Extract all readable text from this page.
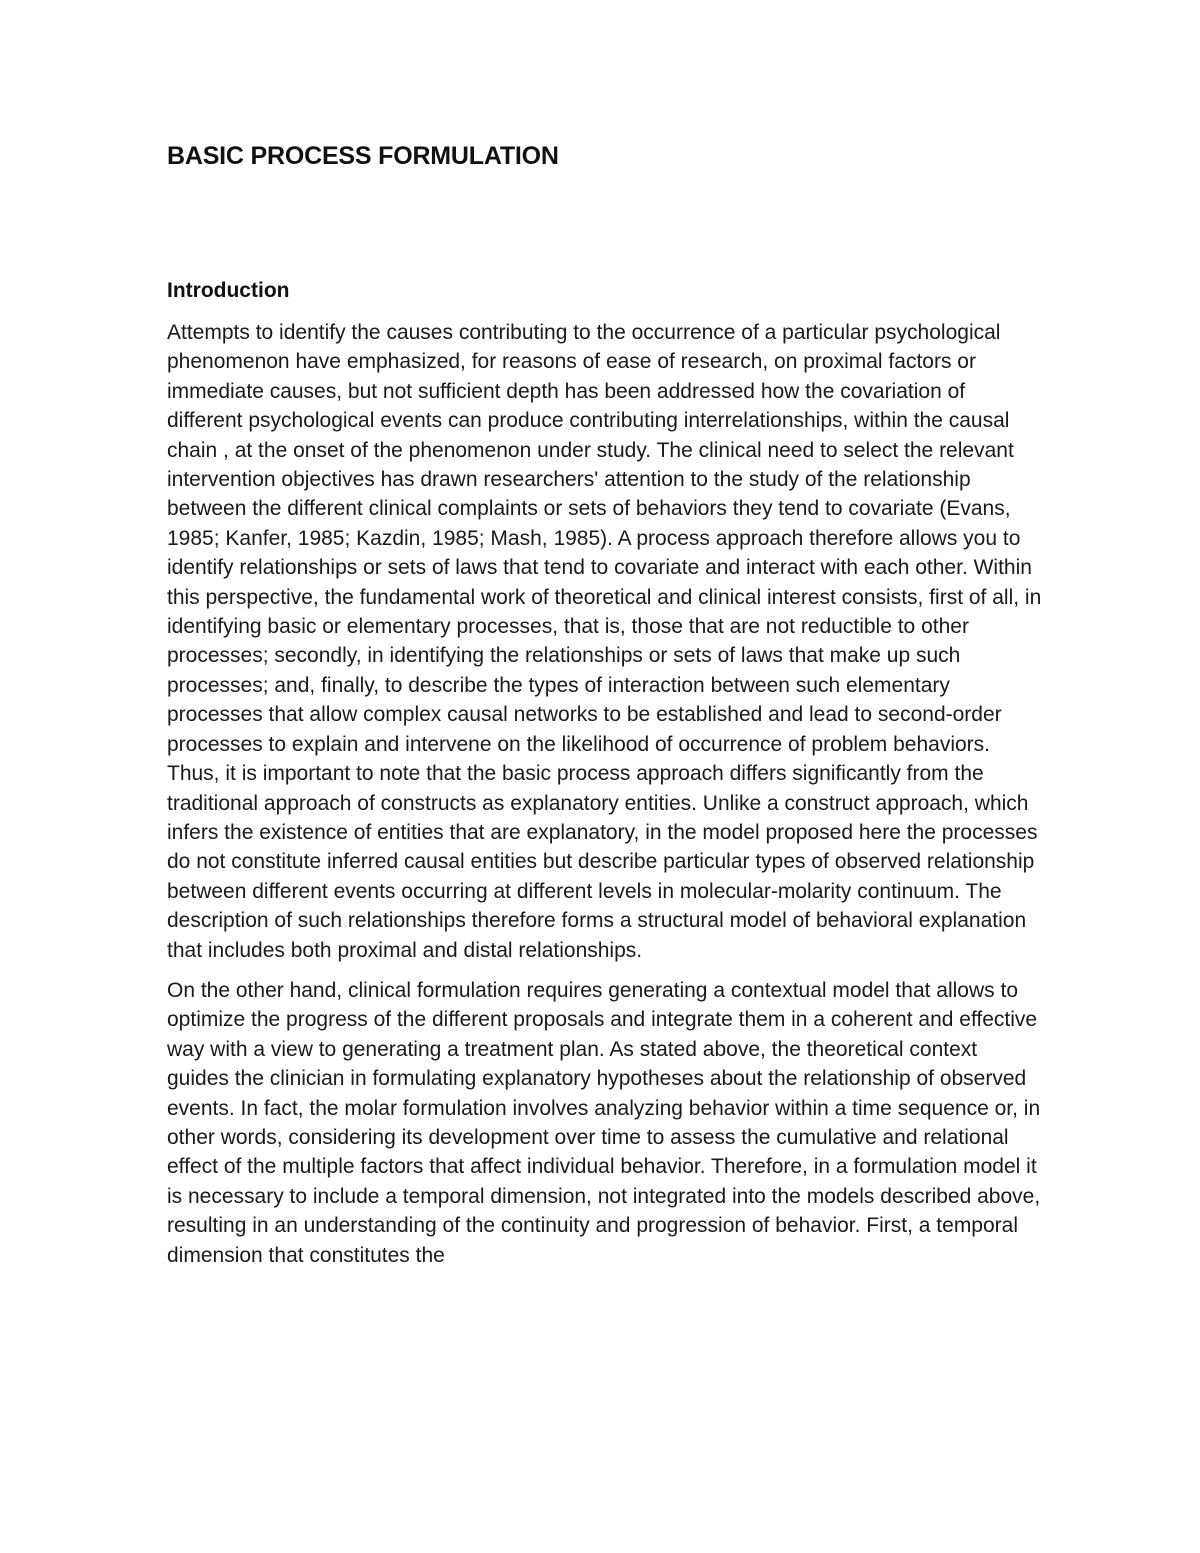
BASIC PROCESS FORMULATION
Introduction

Attempts to identify the causes contributing to the occurrence of a particular psychological phenomenon have emphasized, for reasons of ease of research, on proximal factors or immediate causes, but not sufficient depth has been addressed how the covariation of different psychological events can produce contributing interrelationships, within the causal chain , at the onset of the phenomenon under study. The clinical need to select the relevant intervention objectives has drawn researchers' attention to the study of the relationship between the different clinical complaints or sets of behaviors they tend to covariate (Evans, 1985; Kanfer, 1985; Kazdin, 1985; Mash, 1985). A process approach therefore allows you to identify relationships or sets of laws that tend to covariate and interact with each other. Within this perspective, the fundamental work of theoretical and clinical interest consists, first of all, in identifying basic or elementary processes, that is, those that are not reductible to other processes; secondly, in identifying the relationships or sets of laws that make up such processes; and, finally, to describe the types of interaction between such elementary processes that allow complex causal networks to be established and lead to second-order processes to explain and intervene on the likelihood of occurrence of problem behaviors. Thus, it is important to note that the basic process approach differs significantly from the traditional approach of constructs as explanatory entities. Unlike a construct approach, which infers the existence of entities that are explanatory, in the model proposed here the processes do not constitute inferred causal entities but describe particular types of observed relationship between different events occurring at different levels in molecular-molarity continuum. The description of such relationships therefore forms a structural model of behavioral explanation that includes both proximal and distal relationships.

On the other hand, clinical formulation requires generating a contextual model that allows to optimize the progress of the different proposals and integrate them in a coherent and effective way with a view to generating a treatment plan. As stated above, the theoretical context guides the clinician in formulating explanatory hypotheses about the relationship of observed events. In fact, the molar formulation involves analyzing behavior within a time sequence or, in other words, considering its development over time to assess the cumulative and relational effect of the multiple factors that affect individual behavior. Therefore, in a formulation model it is necessary to include a temporal dimension, not integrated into the models described above, resulting in an understanding of the continuity and progression of behavior. First, a temporal dimension that constitutes the
